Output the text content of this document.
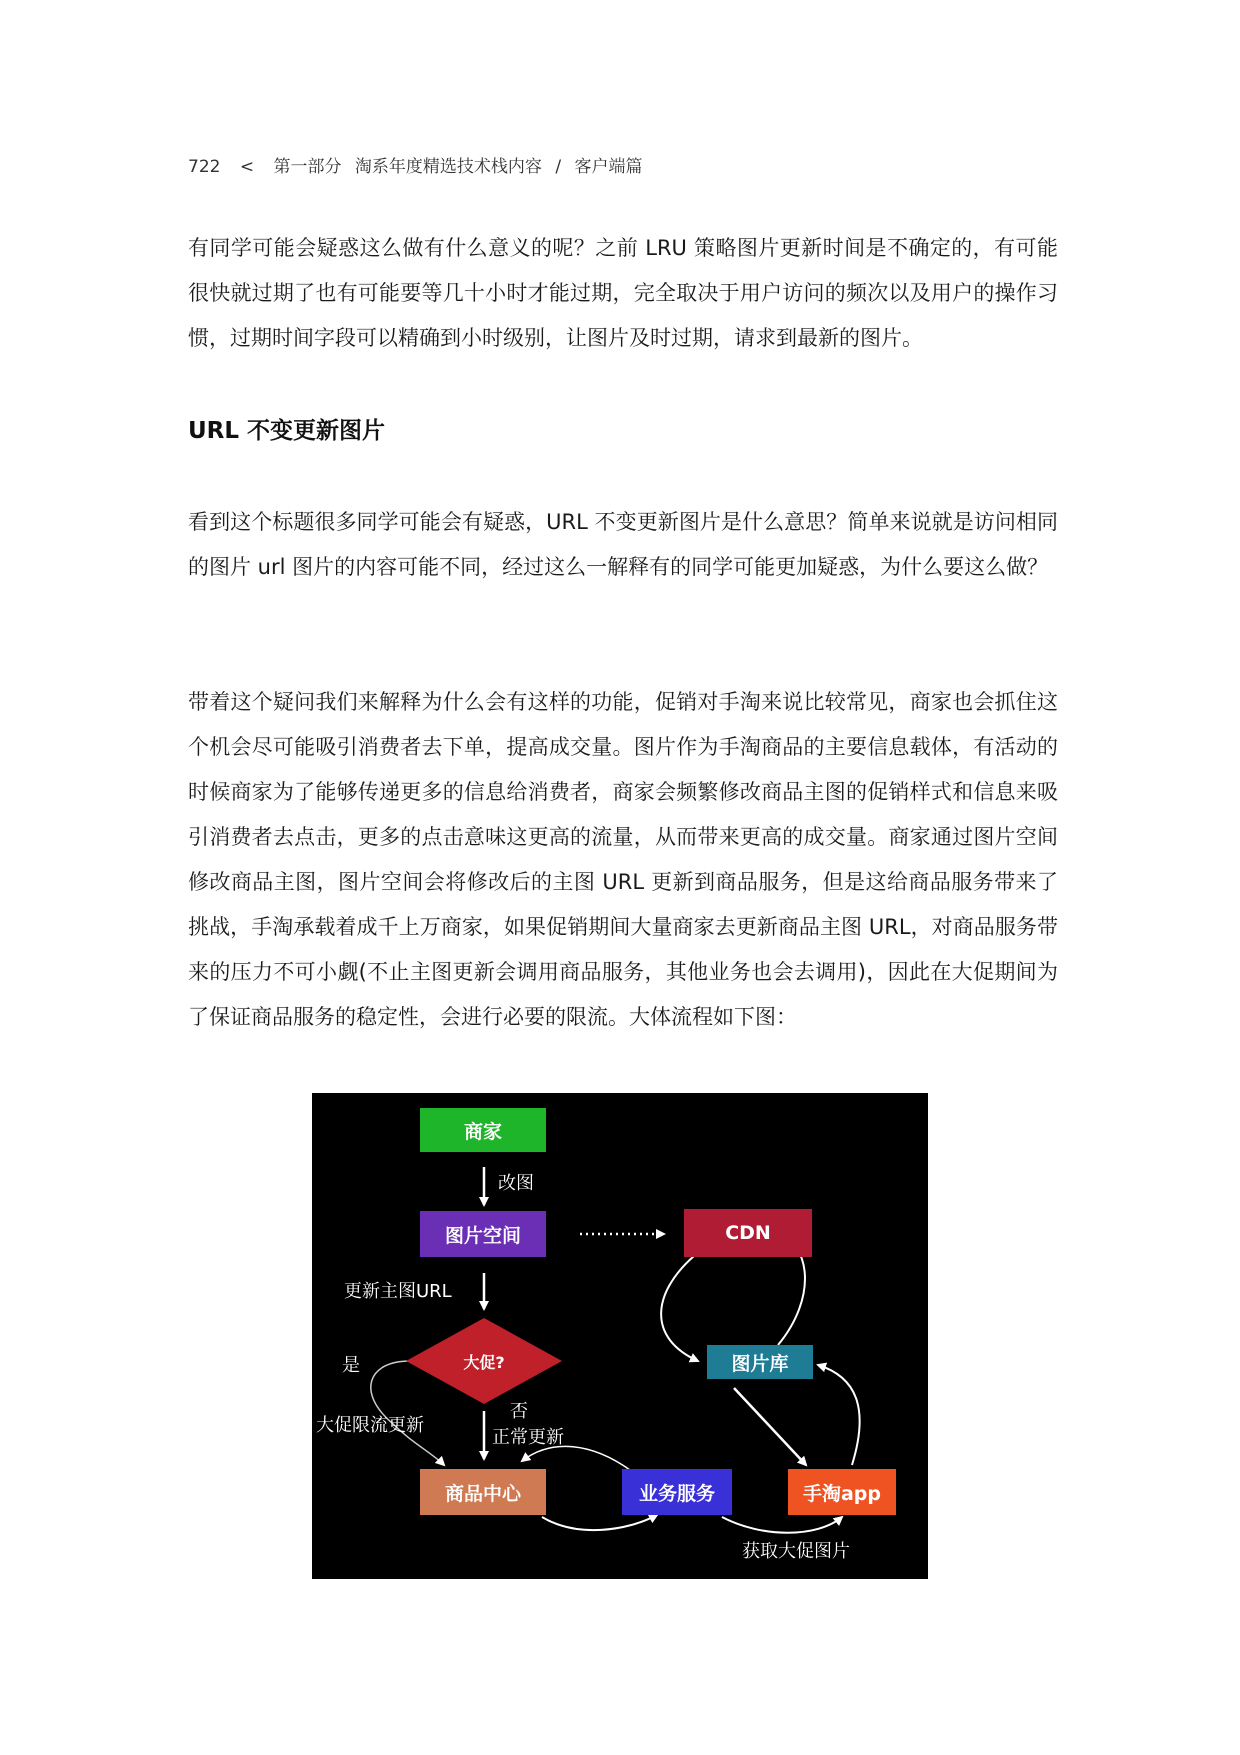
722 < 第一部分 淘系年度精选技术栈内容 / 客户端篇

有同学可能会疑惑这么做有什么意义的呢？之前 LRU 策略图片更新时间是不确定的，有可能很快就过期了也有可能要等几十小时才能过期，完全取决于用户访问的频次以及用户的操作习惯，过期时间字段可以精确到小时级别，让图片及时过期，请求到最新的图片。

URL 不变更新图片

看到这个标题很多同学可能会有疑惑，URL 不变更新图片是什么意思？简单来说就是访问相同的图片 url 图片的内容可能不同，经过这么一解释有的同学可能更加疑惑，为什么要这么做？

带着这个疑问我们来解释为什么会有这样的功能，促销对手淘来说比较常见，商家也会抓住这个机会尽可能吸引消费者去下单，提高成交量。图片作为手淘商品的主要信息载体，有活动的时候商家为了能够传递更多的信息给消费者，商家会频繁修改商品主图的促销样式和信息来吸引消费者去点击，更多的点击意味这更高的流量，从而带来更高的成交量。商家通过图片空间修改商品主图，图片空间会将修改后的主图 URL 更新到商品服务，但是这给商品服务带来了挑战，手淘承载着成千上万商家，如果促销期间大量商家去更新商品主图 URL，对商品服务带来的压力不可小觑(不止主图更新会调用商品服务，其他业务也会去调用)，因此在大促期间为了保证商品服务的稳定性，会进行必要的限流。大体流程如下图：

商家
图片空间	CDN
大促?	图片库
商品中心	业务服务	手淘app
改图
更新主图URL
是
大促限流更新
否
正常更新
获取大促图片
